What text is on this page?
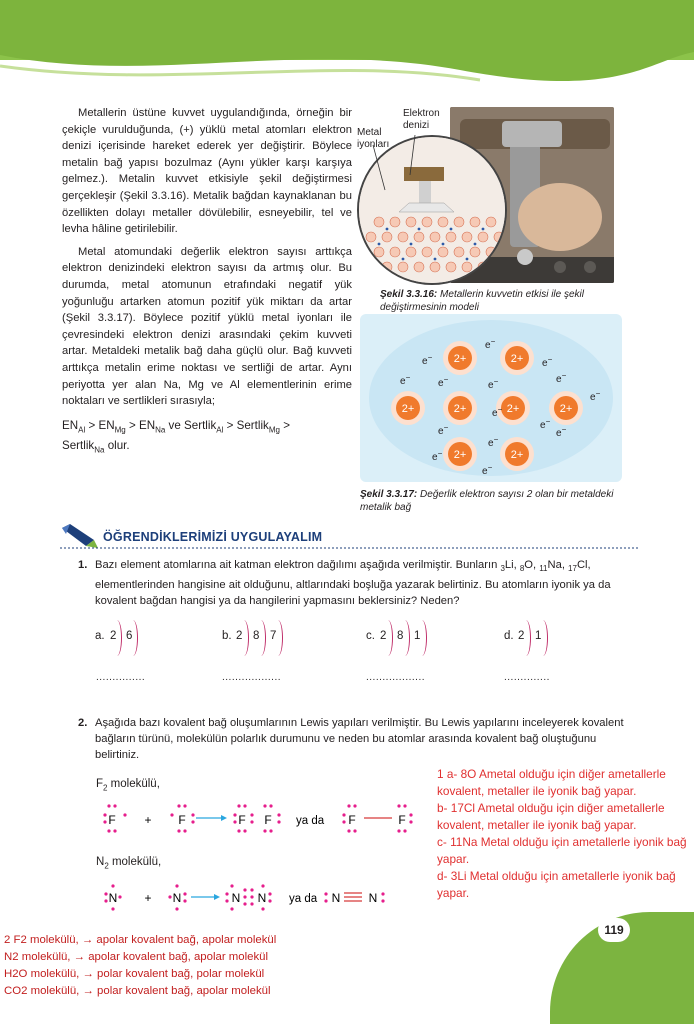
Metallerin üstüne kuvvet uygulandığında, örneğin bir çekiçle vurulduğunda, (+) yüklü metal atomları elektron denizi içerisinde hareket ederek yer değiştirir. Böylece metalin bağ yapısı bozulmaz (Aynı yükler karşı karşıya gelmez.). Metalin kuvvet etkisiyle şekil değiştirmesi gerçekleşir (Şekil 3.3.16). Metalik bağdan kaynaklanan bu özellikten dolayı metaller dövülebilir, esneyebilir, tel ve levha hâline getirilebilir.

Metal atomundaki değerlik elektron sayısı arttıkça elektron denizindeki elektron sayısı da artmış olur. Bu durumda, metal atomunun etrafındaki negatif yük yoğunluğu artarken atomun pozitif yük miktarı da artar (Şekil 3.3.17). Böylece pozitif yüklü metal iyonları ile çevresindeki elektron denizi arasındaki çekim kuvveti artar. Metaldeki metalik bağ daha güçlü olur. Bağ kuvveti arttıkça metalin erime noktası ve sertliği de artar. Aynı periyotta yer alan Na, Mg ve Al elementlerinin erime noktaları ve sertlikleri sırasıyla;

$EN_{Al} > EN_{Mg} > EN_{Na}$ ve Sertlik$_{Al}$ > Sertlik$_{Mg}$ >
Sertlik$_{Na}$ olur.
Elektron
denizi
Metal
iyonları
Şekil 3.3.16: Metallerin kuvvetin etkisi ile şekil değiştirmesinin modeli
2+	2+
2+	2+	2+	2+
2+	2+
e−
e−
e−
e−
e−
e−	e−
e−
e−
e−
e−
e−
e−
e−
e−
Şekil 3.3.17: Değerlik elektron sayısı 2 olan bir metaldeki metalik bağ
ÖĞRENDİKLERİMİZİ UYGULAYALIM
1. Bazı element atomlarına ait katman elektron dağılımı aşağıda verilmiştir. Bunların $_3$Li, $_8$O, $_{11}$Na, $_{17}$Cl, elementlerinden hangisine ait olduğunu, altlarındaki boşluğa yazarak belirtiniz. Bu atomların iyonik ya da kovalent bağdan hangisi ya da hangilerini yapmasını beklersiniz? Neden?
a. 2 6
...............
b. 2 8 7
..................
c. 2 8 1
..................
d. 2 1
..............
2. Aşağıda bazı kovalent bağ oluşumlarının Lewis yapıları verilmiştir. Bu Lewis yapılarını inceleyerek kovalent bağların türünü, molekülün polarlık durumunu ve neden bu atomlar arasında kovalent bağ oluştuğunu belirtiniz.
$F_2$ molekülü,
F + F	F F ya da F	F
$N_2$ molekülü,
N + N	N N ya da N N
1 a- 8O Ametal olduğu için diğer ametallerle kovalent, metaller ile iyonik bağ yapar.
b- 17Cl Ametal olduğu için diğer ametallerle kovalent, metaller ile iyonik bağ yapar.
c- 11Na Metal olduğu için ametallerle iyonik bağ yapar.
d- 3Li Metal olduğu için ametallerle iyonik bağ yapar.
2 F2 molekülü, → apolar kovalent bağ, apolar molekül
N2 molekülü, → apolar kovalent bağ, apolar molekül
H2O molekülü, → polar kovalent bağ, polar molekül
CO2 molekülü, → polar kovalent bağ, apolar molekül
119
